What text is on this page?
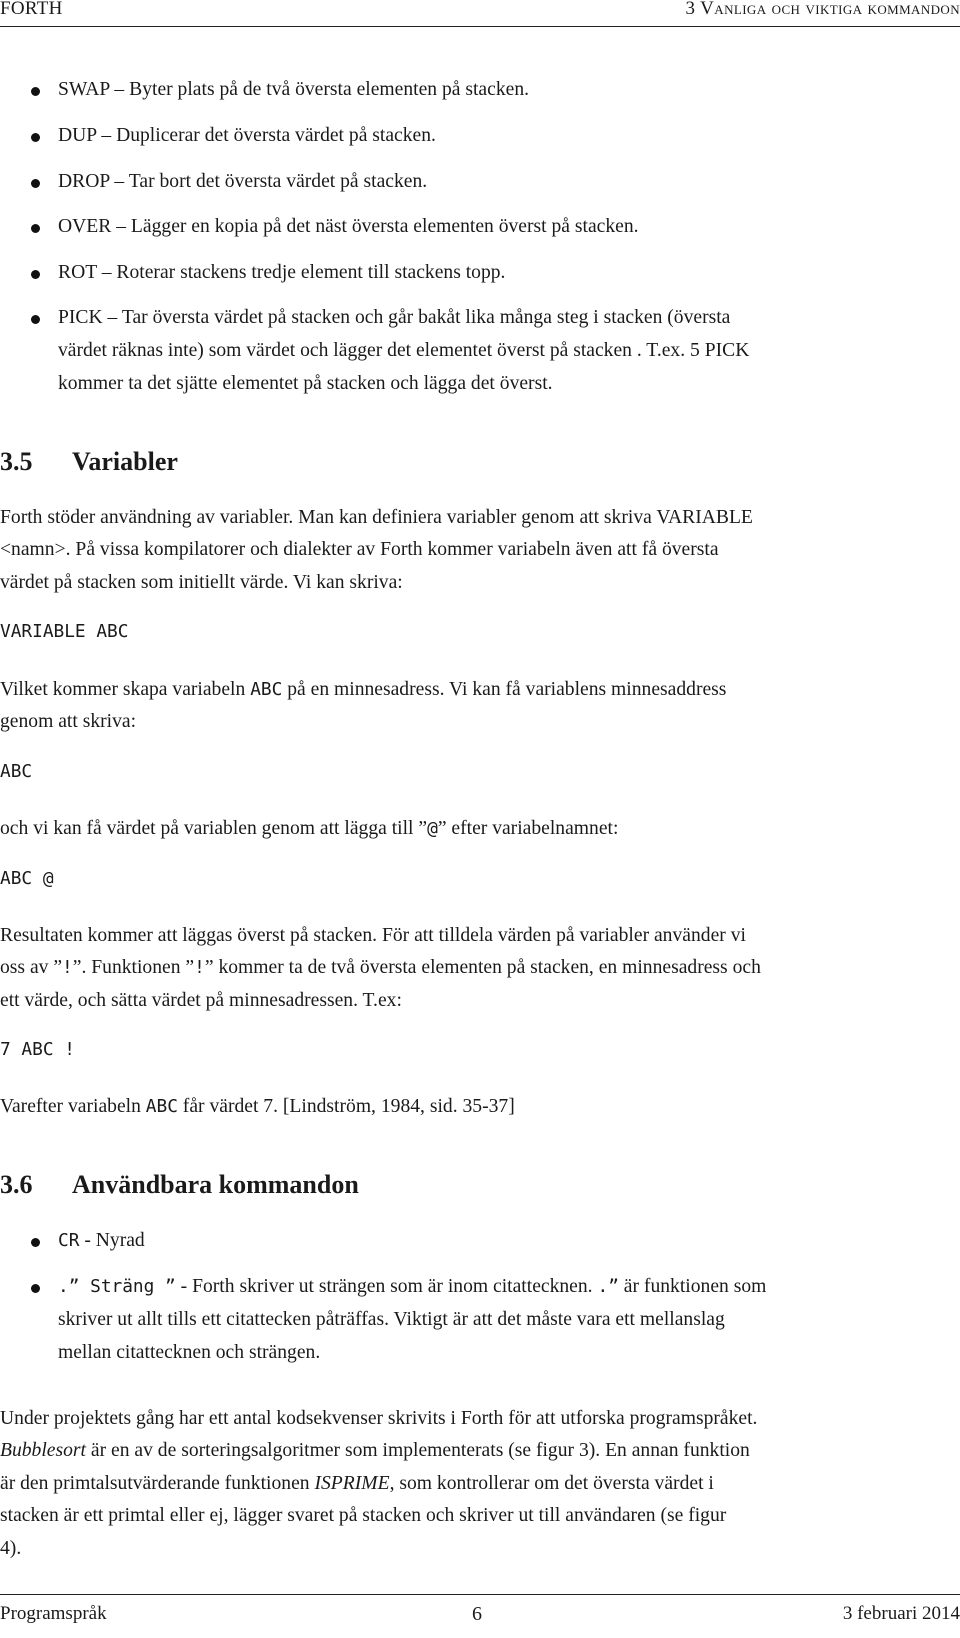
FORTH	3 Vanliga och viktiga kommandon
SWAP – Byter plats på de två översta elementen på stacken.
DUP – Duplicerar det översta värdet på stacken.
DROP – Tar bort det översta värdet på stacken.
OVER – Lägger en kopia på det näst översta elementen överst på stacken.
ROT – Roterar stackens tredje element till stackens topp.
PICK – Tar översta värdet på stacken och går bakåt lika många steg i stacken (översta
värdet räknas inte) som värdet och lägger det elementet överst på stacken . T.ex. 5 PICK
kommer ta det sjätte elementet på stacken och lägga det överst.
3.5 Variabler
Forth stöder användning av variabler. Man kan definiera variabler genom att skriva VARIABLE
<namn>. På vissa kompilatorer och dialekter av Forth kommer variabeln även att få översta
värdet på stacken som initiellt värde. Vi kan skriva:
VARIABLE ABC
Vilket kommer skapa variabeln ABC på en minnesadress. Vi kan få variablens minnesaddress
genom att skriva:
ABC
och vi kan få värdet på variablen genom att lägga till ”@” efter variabelnamnet:
ABC @
Resultaten kommer att läggas överst på stacken. För att tilldela värden på variabler använder vi
oss av ”!”. Funktionen ”!” kommer ta de två översta elementen på stacken, en minnesadress och
ett värde, och sätta värdet på minnesadressen. T.ex:
7 ABC !
Varefter variabeln ABC får värdet 7. [Lindström, 1984, sid. 35-37]
3.6 Användbara kommandon
CR - Nyrad
.” Sträng ” - Forth skriver ut strängen som är inom citattecknen. .” är funktionen som
skriver ut allt tills ett citattecken påträffas. Viktigt är att det måste vara ett mellanslag
mellan citattecknen och strängen.
Under projektets gång har ett antal kodsekvenser skrivits i Forth för att utforska programspråket.
Bubblesort är en av de sorteringsalgoritmer som implementerats (se figur 3). En annan funktion
är den primtalsutvärderande funktionen ISPRIME, som kontrollerar om det översta värdet i
stacken är ett primtal eller ej, lägger svaret på stacken och skriver ut till användaren (se figur
4).
Programspråk	6	3 februari 2014
